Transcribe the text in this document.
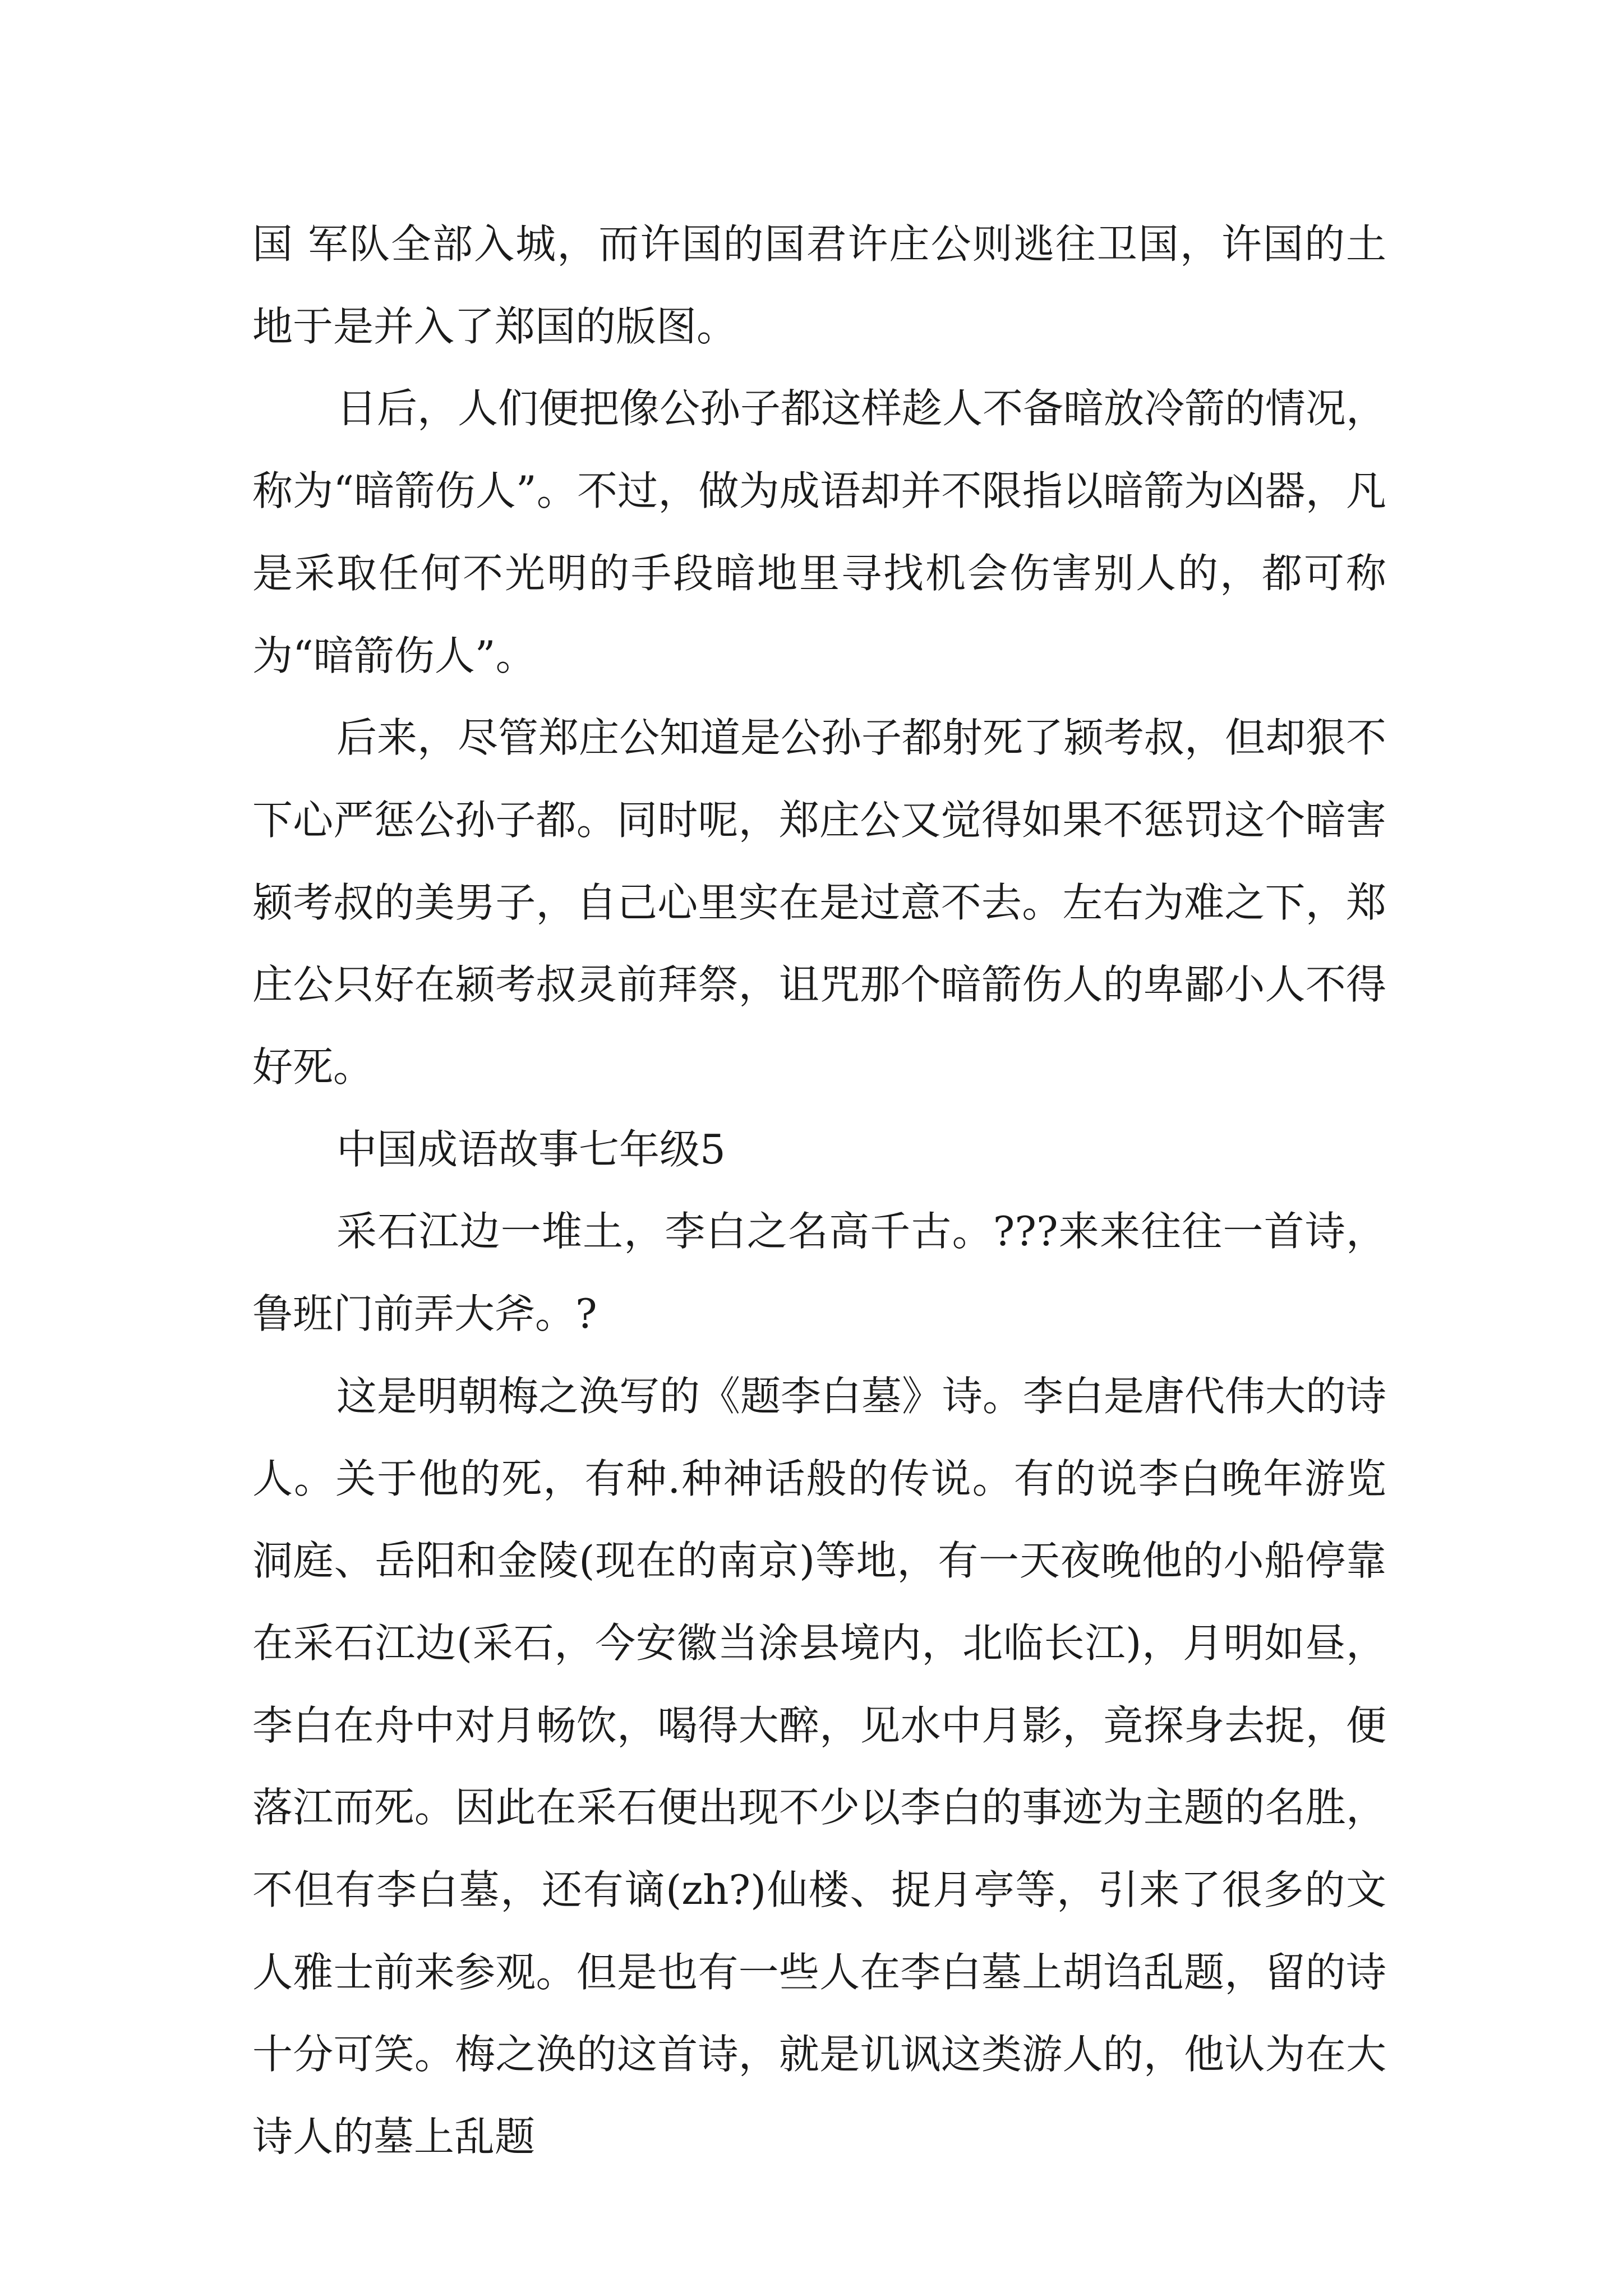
国 军队全部入城，而许国的国君许庄公则逃往卫国，许国的土地于是并入了郑国的版图。

日后，人们便把像公孙子都这样趁人不备暗放冷箭的情况，称为“暗箭伤人”。不过，做为成语却并不限指以暗箭为凶器，凡是采取任何不光明的手段暗地里寻找机会伤害别人的，都可称为“暗箭伤人”。

后来，尽管郑庄公知道是公孙子都射死了颍考叔，但却狠不下心严惩公孙子都。同时呢，郑庄公又觉得如果不惩罚这个暗害颍考叔的美男子，自己心里实在是过意不去。左右为难之下，郑庄公只好在颍考叔灵前拜祭，诅咒那个暗箭伤人的卑鄙小人不得好死。

中国成语故事七年级5

采石江边一堆土，李白之名高千古。???来来往往一首诗，鲁班门前弄大斧。?

这是明朝梅之涣写的《题李白墓》诗。李白是唐代伟大的诗人。关于他的死，有种.种神话般的传说。有的说李白晚年游览洞庭、岳阳和金陵(现在的南京)等地，有一天夜晚他的小船停靠在采石江边(采石，今安徽当涂县境内，北临长江)，月明如昼，李白在舟中对月畅饮，喝得大醉，见水中月影，竟探身去捉，便落江而死。因此在采石便出现不少以李白的事迹为主题的名胜，不但有李白墓，还有谪(zh?)仙楼、捉月亭等，引来了很多的文人雅士前来参观。但是也有一些人在李白墓上胡诌乱题，留的诗十分可笑。梅之涣的这首诗，就是讥讽这类游人的，他认为在大诗人的墓上乱题
